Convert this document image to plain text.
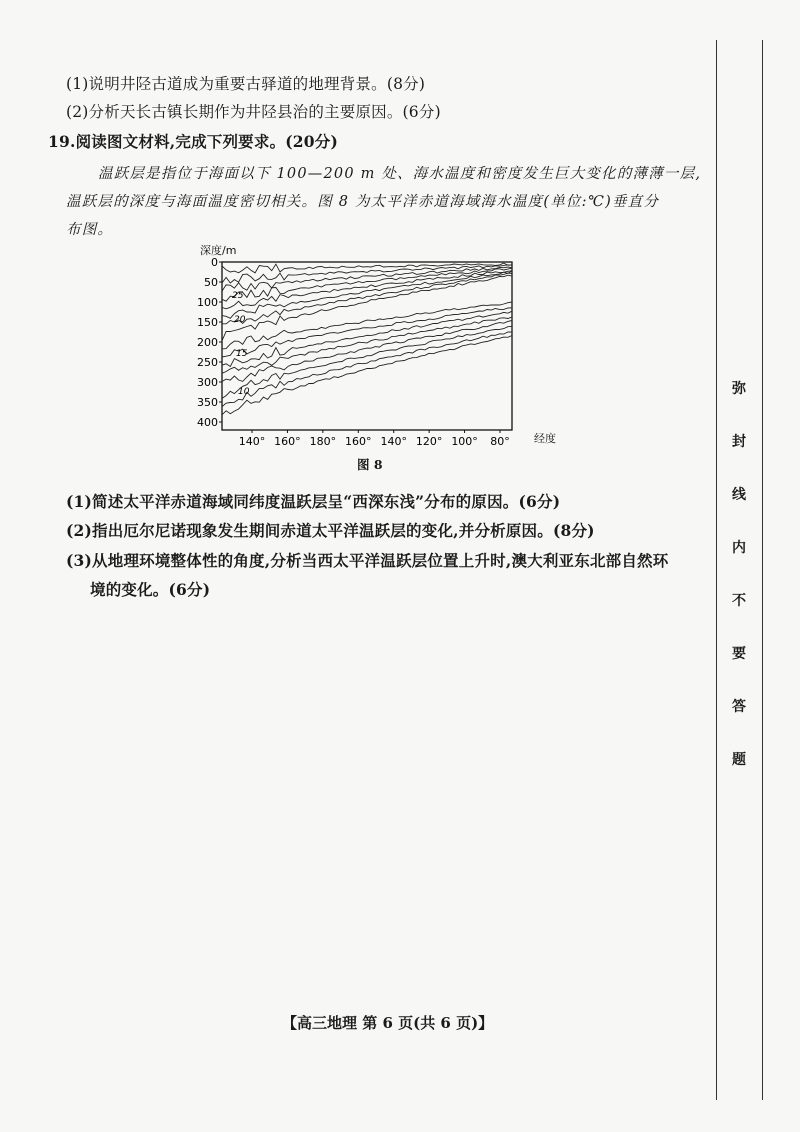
(1)说明井陉古道成为重要古驿道的地理背景。(8分)
(2)分析天长古镇长期作为井陉县治的主要原因。(6分)
19.阅读图文材料,完成下列要求。(20分)
温跃层是指位于海面以下 100—200 m 处、海水温度和密度发生巨大变化的薄薄一层,
温跃层的深度与海面温度密切相关。图 8 为太平洋赤道海域海水温度(单位:℃)垂直分
布图。
深度/m
经度
0
50
100
150
200
250
300
350
400
140° 160° 180° 160° 140° 120° 100° 80°
25
20
15
10
图 8
(1)简述太平洋赤道海域同纬度温跃层呈“西深东浅”分布的原因。(6分)
(2)指出厄尔尼诺现象发生期间赤道太平洋温跃层的变化,并分析原因。(8分)
(3)从地理环境整体性的角度,分析当西太平洋温跃层位置上升时,澳大利亚东北部自然环
境的变化。(6分)
弥
封
线
内
不
要
答
题
【高三地理 第 6 页(共 6 页)】
